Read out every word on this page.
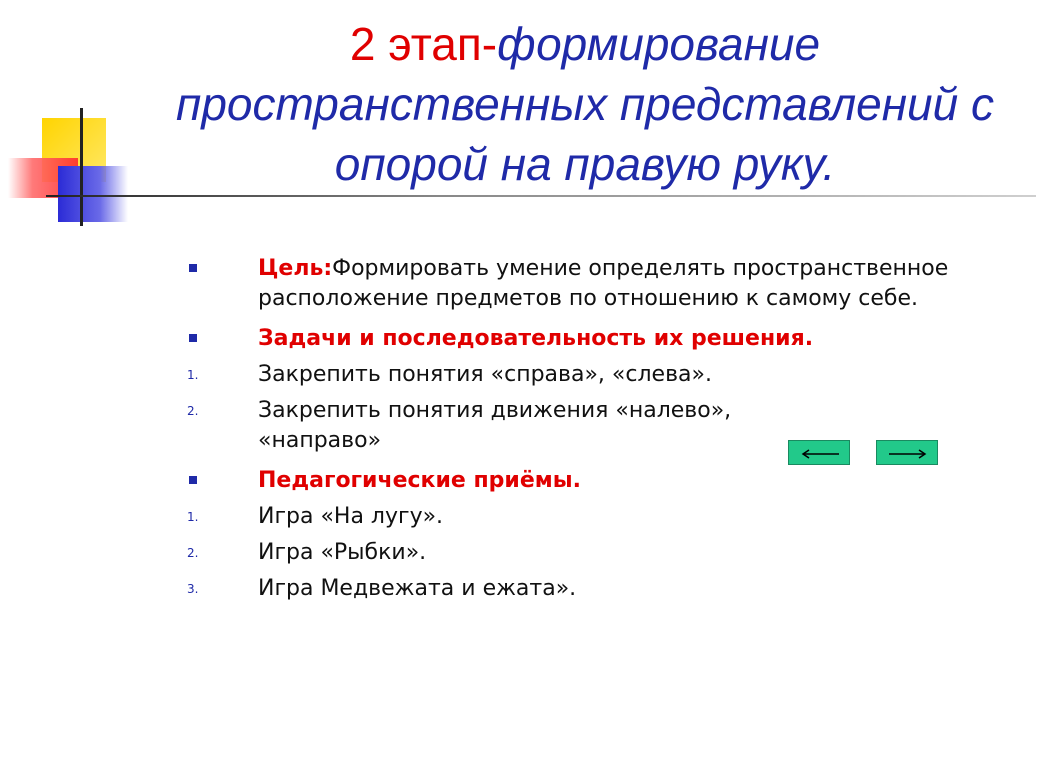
2 этап-формирование пространственных представлений с опорой на правую руку.
Цель:Формировать умение определять пространственное расположение предметов по отношению к самому себе.
Задачи и последовательность их решения.
1.	Закрепить понятия «справа», «слева».
2.	Закрепить понятия движения «налево», «направо»
Педагогические приёмы.
1.	Игра «На лугу».
2.	Игра «Рыбки».
3.	Игра Медвежата и ежата».
